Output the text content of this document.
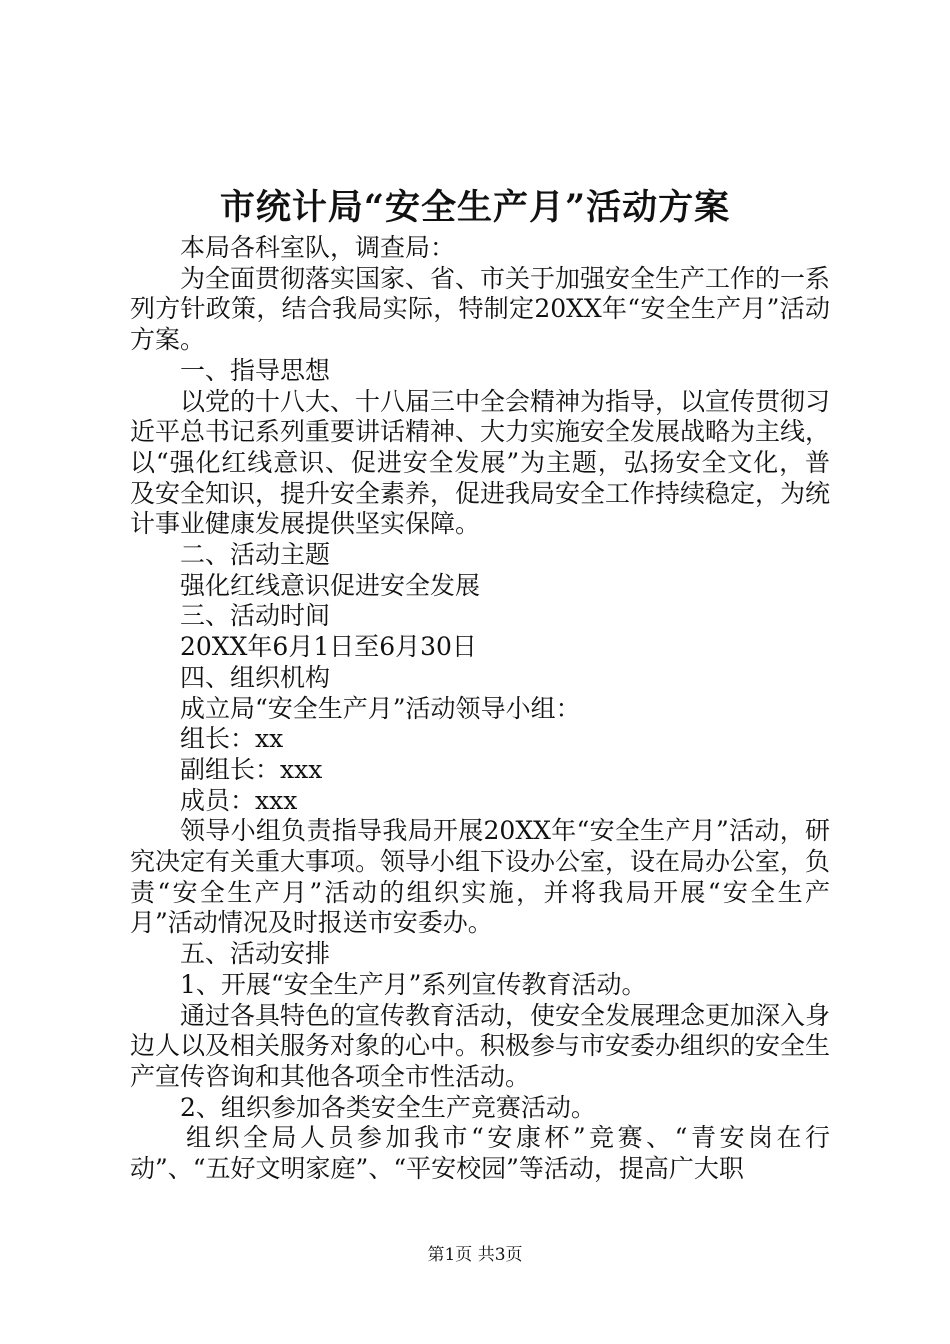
市统计局“安全生产月”活动方案

本局各科室队，调查局：

为全面贯彻落实国家、省、市关于加强安全生产工作的一系列方针政策，结合我局实际，特制定20XX年“安全生产月”活动方案。

一、指导思想

以党的十八大、十八届三中全会精神为指导，以宣传贯彻习近平总书记系列重要讲话精神、大力实施安全发展战略为主线，以“强化红线意识、促进安全发展”为主题，弘扬安全文化，普及安全知识，提升安全素养，促进我局安全工作持续稳定，为统计事业健康发展提供坚实保障。

二、活动主题

强化红线意识促进安全发展

三、活动时间

20XX年6月1日至6月30日

四、组织机构

成立局“安全生产月”活动领导小组：

组长：xx

副组长：xxx

成员：xxx

领导小组负责指导我局开展20XX年“安全生产月”活动，研究决定有关重大事项。领导小组下设办公室，设在局办公室，负责“安全生产月”活动的组织实施，并将我局开展“安全生产月”活动情况及时报送市安委办。

五、活动安排

1、开展“安全生产月”系列宣传教育活动。

通过各具特色的宣传教育活动，使安全发展理念更加深入身边人以及相关服务对象的心中。积极参与市安委办组织的安全生产宣传咨询和其他各项全市性活动。

2、组织参加各类安全生产竞赛活动。

组织全局人员参加我市“安康杯”竞赛、“青安岗在行动”、“五好文明家庭”、“平安校园”等活动，提高广大职

第1页 共3页
